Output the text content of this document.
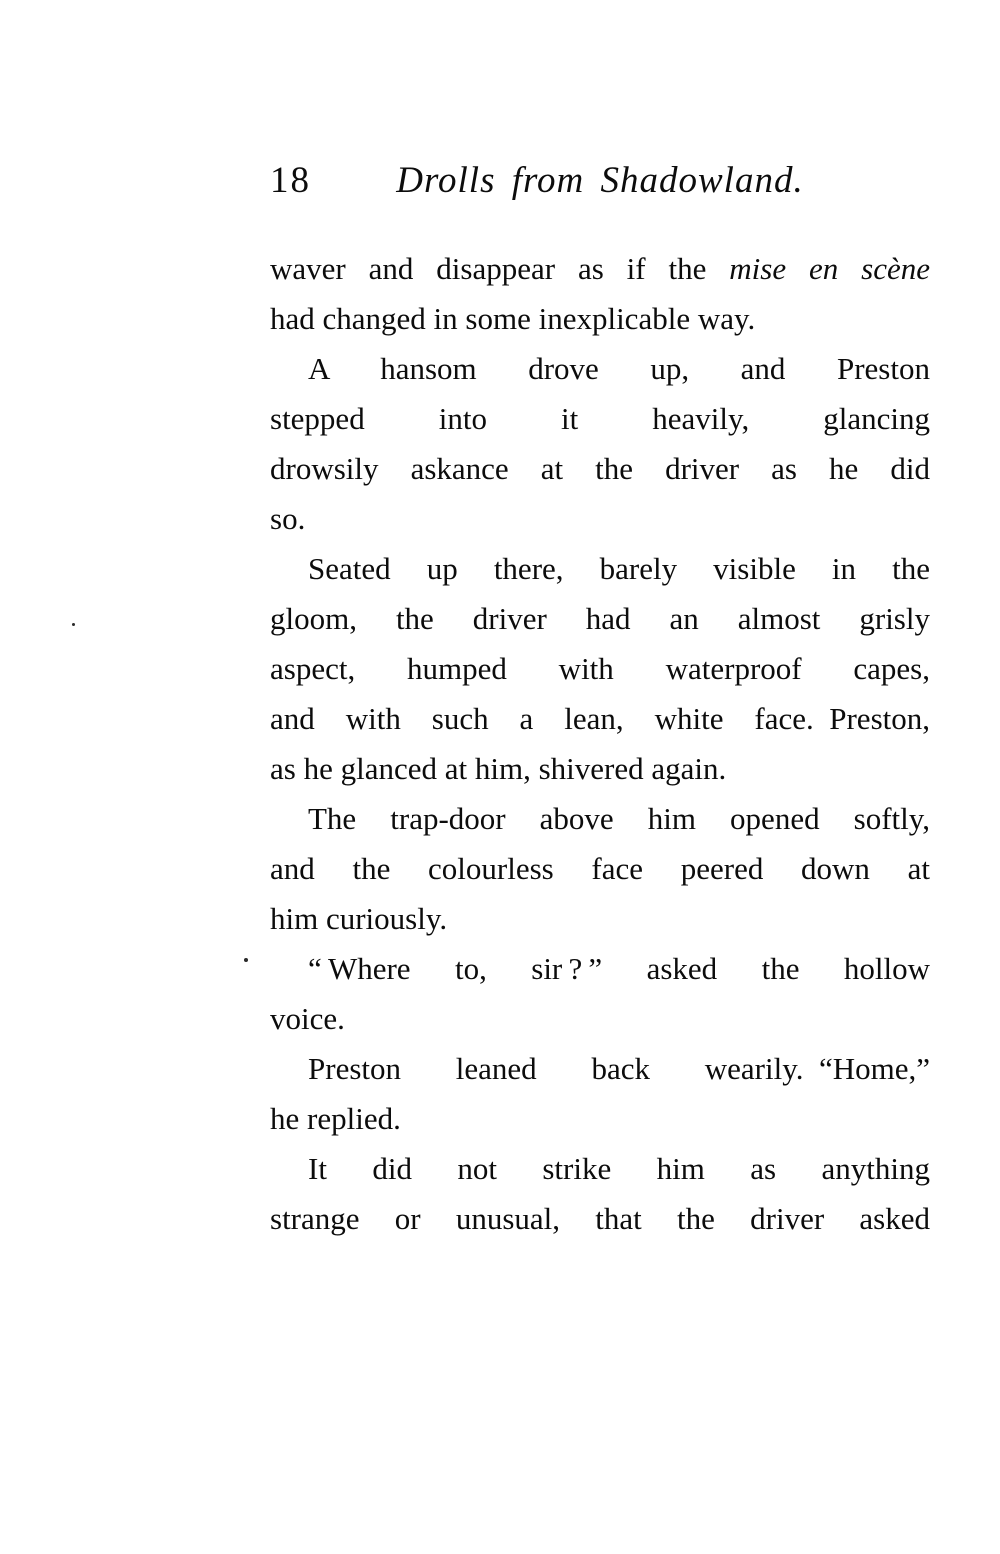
18	Drolls from Shadowland.
waver and disappear as if the mise en scène
had changed in some inexplicable way.
A hansom drove up, and Preston
stepped into it heavily, glancing
drowsily askance at the driver as he did
so.
Seated up there, barely visible in the
gloom, the driver had an almost grisly
aspect, humped with waterproof capes,
and with such a lean, white face. Preston,
as he glanced at him, shivered again.
The trap-door above him opened softly,
and the colourless face peered down at
him curiously.
“ Where to, sir ? ” asked the hollow
voice.
Preston leaned back wearily. “Home,”
he replied.
It did not strike him as anything
strange or unusual, that the driver asked
